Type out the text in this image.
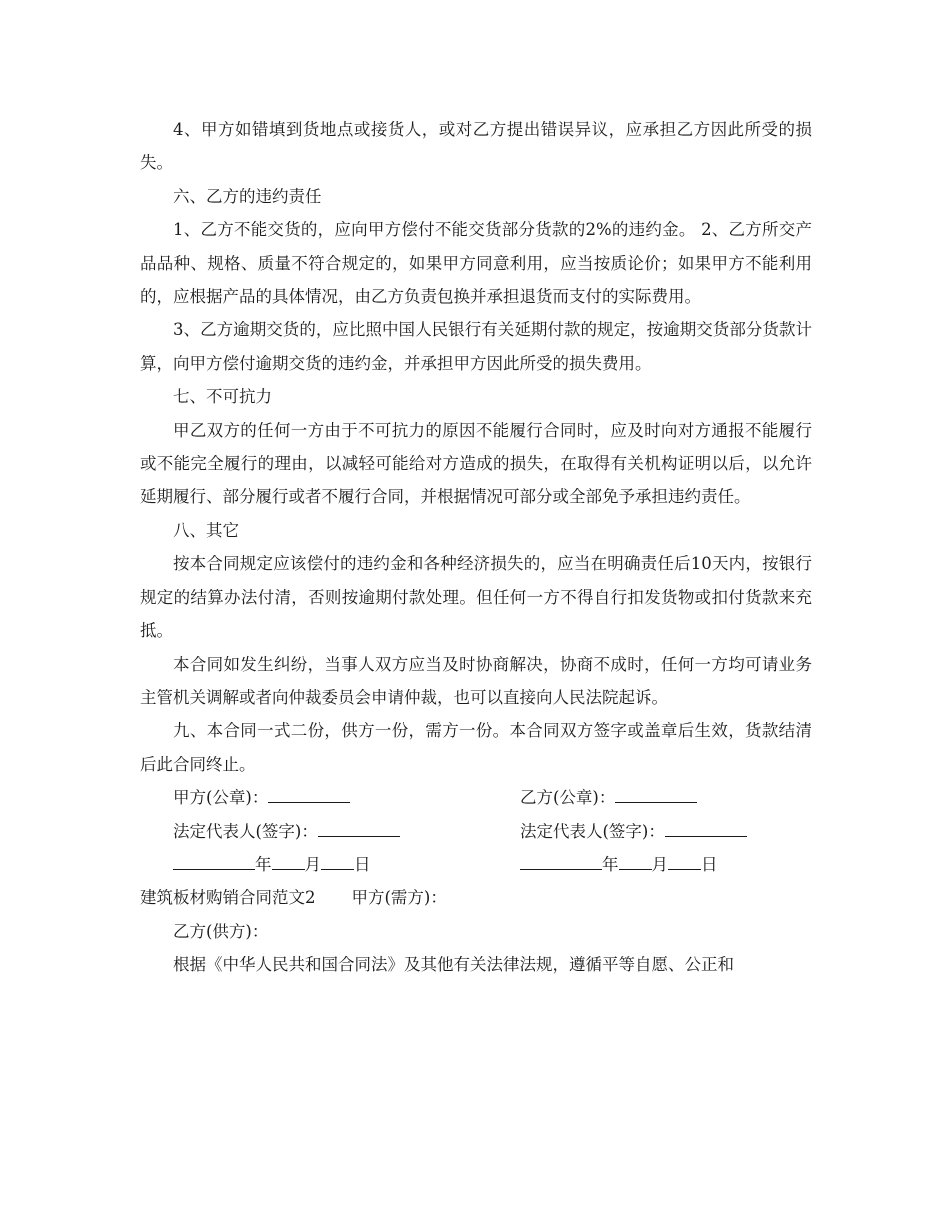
4、甲方如错填到货地点或接货人，或对乙方提出错误异议，应承担乙方因此所受的损失。

六、乙方的违约责任

1、乙方不能交货的，应向甲方偿付不能交货部分货款的2%的违约金。 2、乙方所交产品品种、规格、质量不符合规定的，如果甲方同意利用，应当按质论价；如果甲方不能利用的，应根据产品的具体情况，由乙方负责包换并承担退货而支付的实际费用。

3、乙方逾期交货的，应比照中国人民银行有关延期付款的规定，按逾期交货部分货款计算，向甲方偿付逾期交货的违约金，并承担甲方因此所受的损失费用。

七、不可抗力

甲乙双方的任何一方由于不可抗力的原因不能履行合同时，应及时向对方通报不能履行或不能完全履行的理由，以减轻可能给对方造成的损失，在取得有关机构证明以后，以允许延期履行、部分履行或者不履行合同，并根据情况可部分或全部免予承担违约责任。

八、其它

按本合同规定应该偿付的违约金和各种经济损失的，应当在明确责任后10天内，按银行规定的结算办法付清，否则按逾期付款处理。但任何一方不得自行扣发货物或扣付货款来充抵。

本合同如发生纠纷，当事人双方应当及时协商解决，协商不成时，任何一方均可请业务主管机关调解或者向仲裁委员会申请仲裁，也可以直接向人民法院起诉。

九、本合同一式二份，供方一份，需方一份。本合同双方签字或盖章后生效，货款结清后此合同终止。

甲方(公章)：	乙方(公章)：
法定代表人(签字)：	法定代表人(签字)：
年 月 日	年 月 日

建筑板材购销合同范文2 甲方(需方)：

乙方(供方)：

根据《中华人民共和国合同法》及其他有关法律法规，遵循平等自愿、公正和
